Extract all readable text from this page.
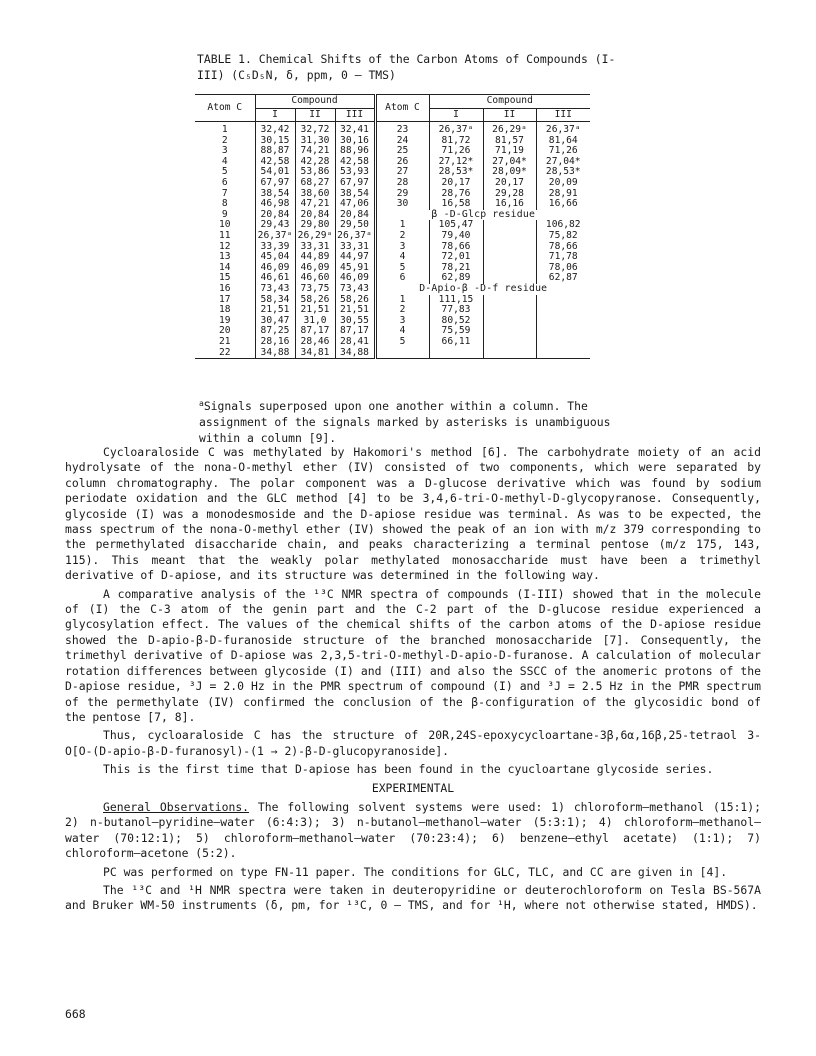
TABLE 1. Chemical Shifts of the Carbon Atoms of Compounds (I-III) (C₅D₅N, δ, ppm, 0 – TMS)
Atom C	Compound			Atom C	Compound		
	I	II	III		I	II	III
1	32,42	32,72	32,41	23	26,37ᵃ	26,29ᵃ	26,37ᵃ
2	30,15	31,30	30,16	24	81,72	81,57	81,64
3	88,87	74,21	88,96	25	71,26	71,19	71,26
4	42,58	42,28	42,58	26	27,12*	27,04*	27,04*
5	54,01	53,86	53,93	27	28,53*	28,09*	28,53*
6	67,97	68,27	67,97	28	20,17	20,17	20,09
7	38,54	38,60	38,54	29	28,76	29,28	28,91
8	46,98	47,21	47,06	30	16,58	16,16	16,66
9	20,84	20,84	20,84	β -D-Glcp residue			
10	29,43	29,80	29,50	1	105,47		106,82
11	26,37ᵃ	26,29ᵃ	26,37ᵃ	2	79,40		75,82
12	33,39	33,31	33,31	3	78,66		78,66
13	45,04	44,89	44,97	4	72,01		71,78
14	46,09	46,09	45,91	5	78,21		78,06
15	46,61	46,60	46,09	6	62,89		62,87
16	73,43	73,75	73,43	D-Apio-β -D-f residue			
17	58,34	58,26	58,26	1	111,15		
18	21,51	21,51	21,51	2	77,83		
19	30,47	31,0	30,55	3	80,52		
20	87,25	87,17	87,17	4	75,59		
21	28,16	28,46	28,41	5	66,11		
22	34,88	34,81	34,88				
$^a$Signals superposed upon one another within a column. The assignment of the signals marked by asterisks is unambiguous within a column [9].

Cycloaraloside C was methylated by Hakomori's method [6]. The carbohydrate moiety of an acid hydrolysate of the nona-O-methyl ether (IV) consisted of two components, which were separated by column chromatography. The polar component was a D-glucose derivative which was found by sodium periodate oxidation and the GLC method [4] to be 3,4,6-tri-O-methyl-D-glycopyranose. Consequently, glycoside (I) was a monodesmoside and the D-apiose residue was terminal. As was to be expected, the mass spectrum of the nona-O-methyl ether (IV) showed the peak of an ion with m/z 379 corresponding to the permethylated disaccharide chain, and peaks characterizing a terminal pentose (m/z 175, 143, 115). This meant that the weakly polar methylated monosaccharide must have been a trimethyl derivative of D-apiose, and its structure was determined in the following way.

A comparative analysis of the ¹³C NMR spectra of compounds (I-III) showed that in the molecule of (I) the C-3 atom of the genin part and the C-2 part of the D-glucose residue experienced a glycosylation effect. The values of the chemical shifts of the carbon atoms of the D-apiose residue showed the D-apio-β-D-furanoside structure of the branched monosaccharide [7]. Consequently, the trimethyl derivative of D-apiose was 2,3,5-tri-O-methyl-D-apio-D-furanose. A calculation of molecular rotation differences between glycoside (I) and (III) and also the SSCC of the anomeric protons of the D-apiose residue, ³J = 2.0 Hz in the PMR spectrum of compound (I) and ³J = 2.5 Hz in the PMR spectrum of the permethylate (IV) confirmed the conclusion of the β-configuration of the glycosidic bond of the pentose [7, 8].

Thus, cycloaraloside C has the structure of 20R,24S-epoxycycloartane-3β,6α,16β,25-tetraol 3-O[O-(D-apio-β-D-furanosyl)-(1 → 2)-β-D-glucopyranoside].

This is the first time that D-apiose has been found in the cyucloartane glycoside series.

EXPERIMENTAL

General Observations. The following solvent systems were used: 1) chloroform—methanol (15:1); 2) n-butanol—pyridine—water (6:4:3); 3) n-butanol—methanol—water (5:3:1); 4) chloroform—methanol—water (70:12:1); 5) chloroform—methanol—water (70:23:4); 6) benzene—ethyl acetate) (1:1); 7) chloroform—acetone (5:2).

PC was performed on type FN-11 paper. The conditions for GLC, TLC, and CC are given in [4].

The ¹³C and ¹H NMR spectra were taken in deuteropyridine or deuterochloroform on Tesla BS-567A and Bruker WM-50 instruments (δ, pm, for ¹³C, 0 – TMS, and for ¹H, where not otherwise stated, HMDS).

668
